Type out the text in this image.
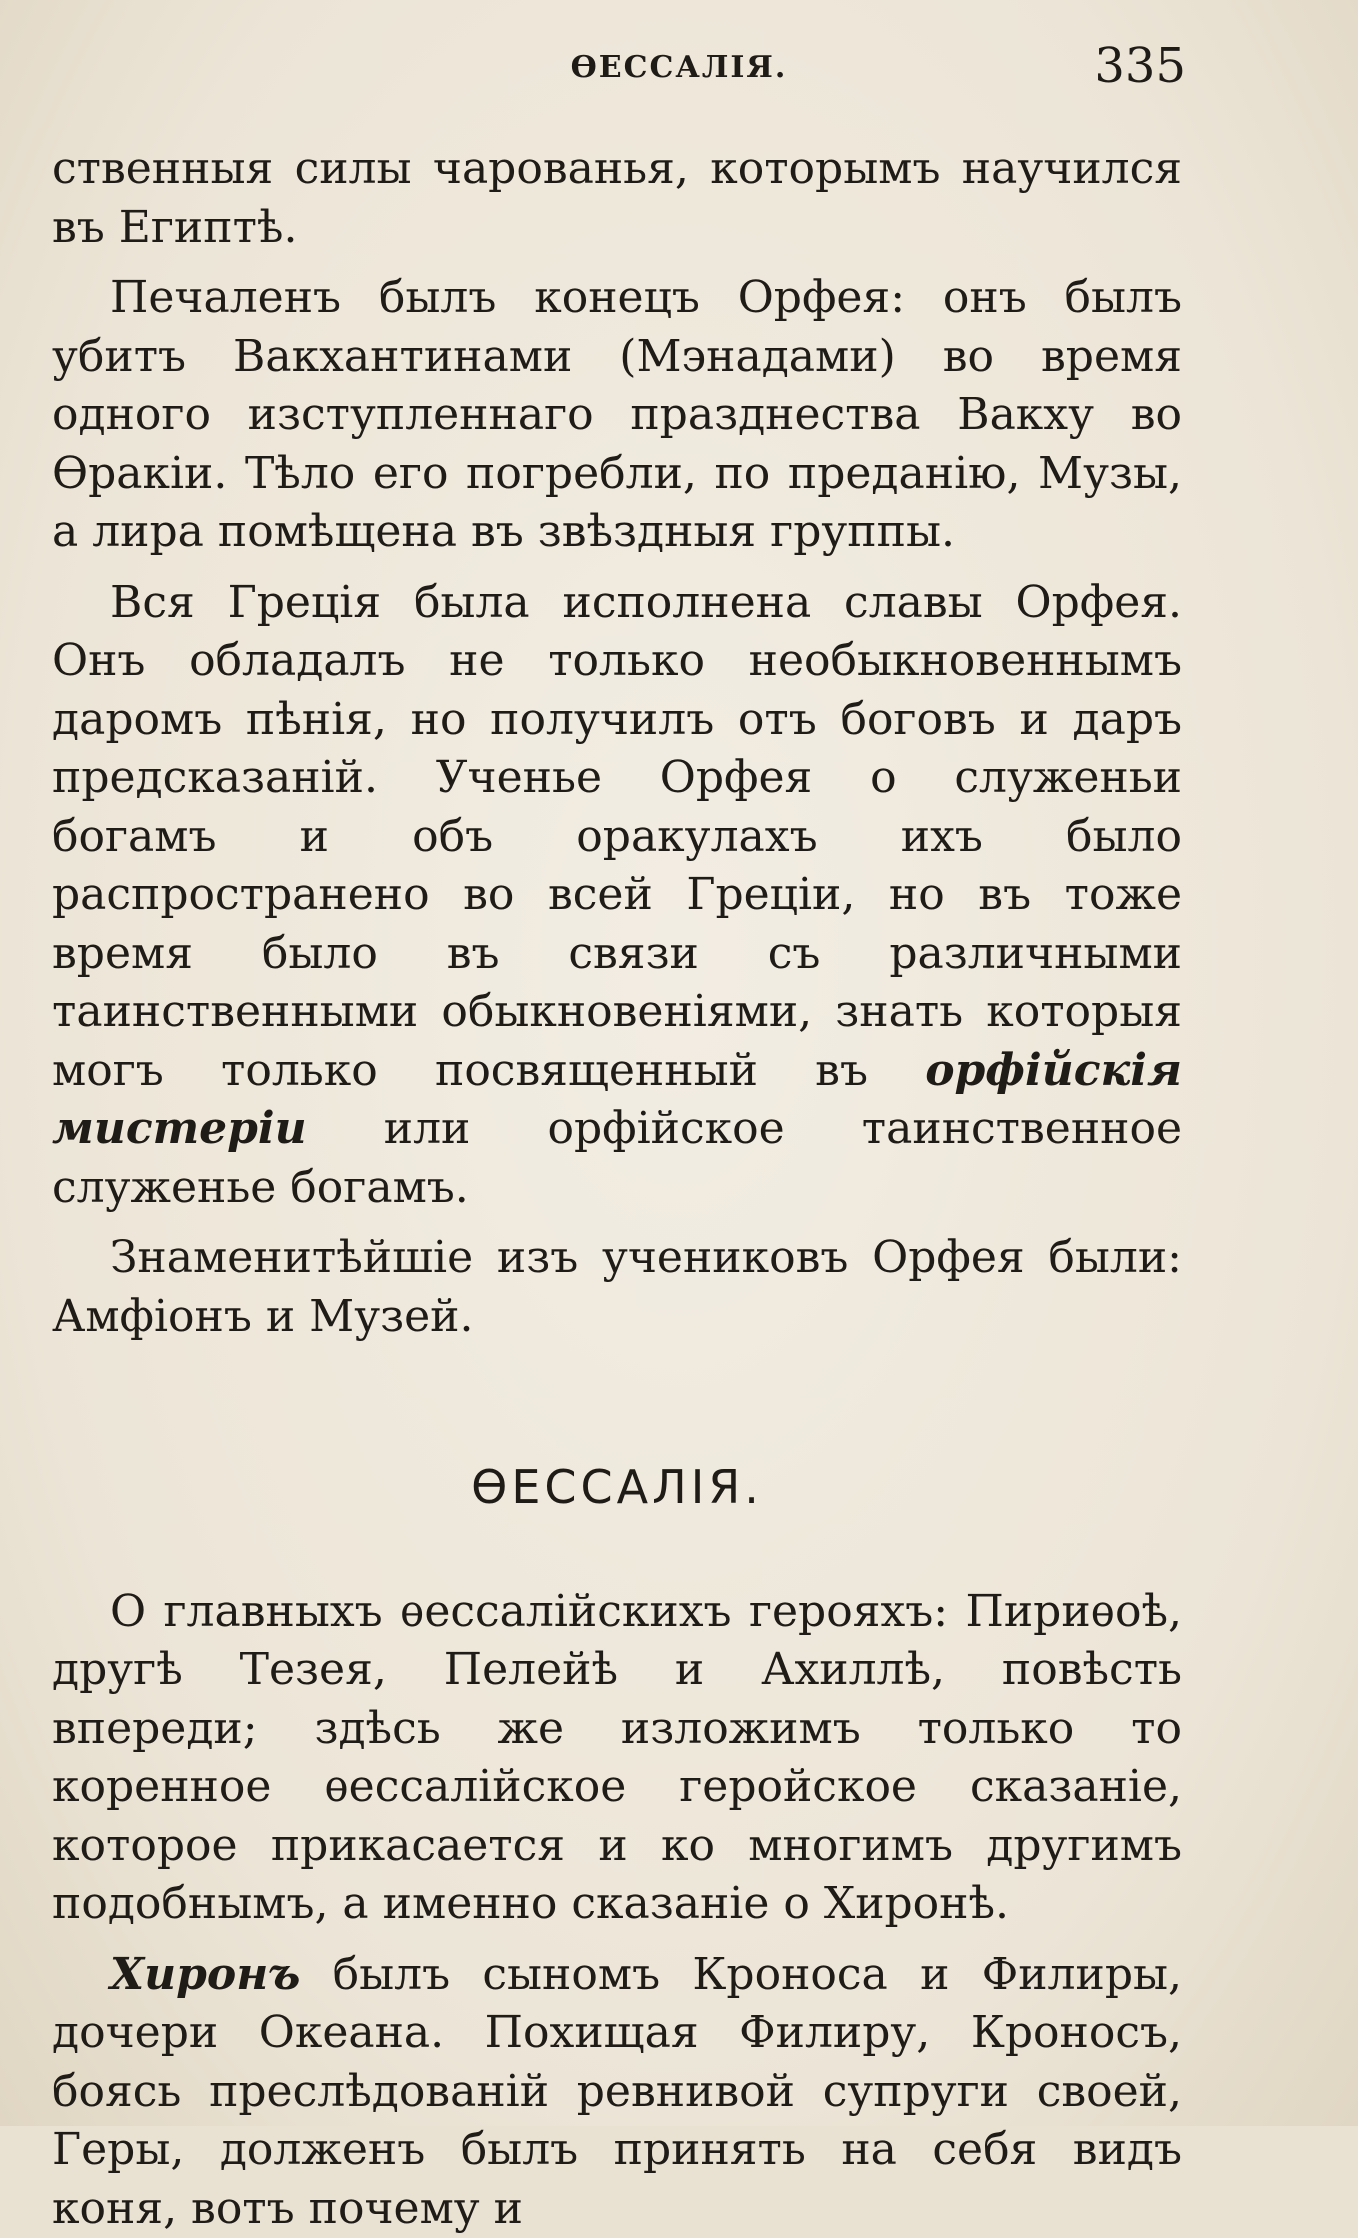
ѲЕССАЛІЯ.	335

ственныя силы чарованья, которымъ научился въ Египтѣ.

Печаленъ былъ конецъ Орфея: онъ былъ убитъ Вакхантинами (Мэнадами) во время одного изступленнаго празднества Вакху во Ѳракіи. Тѣло его погребли, по преданію, Музы, а лира помѣщена въ звѣздныя группы.

Вся Грецiя была исполнена славы Орфея. Онъ обладалъ не только необыкновеннымъ даромъ пѣнія, но получилъ отъ боговъ и даръ предсказаній. Ученье Орфея о служеньи богамъ и объ оракулахъ ихъ было распространено во всей Греціи, но въ тоже время было въ связи съ различными таинственными обыкновеніями, знать которыя могъ только посвященный въ орфійскія мистеріи или орфійское таинственное служенье богамъ.

Знаменитѣйшіе изъ учениковъ Орфея были: Амфіонъ и Музей.

ѲЕССАЛІЯ.

О главныхъ ѳессалійскихъ герояхъ: Пириѳоѣ, другѣ Тезея, Пелейѣ и Ахиллѣ, повѣсть впереди; здѣсь же изложимъ только то коренное ѳессалійское геройское сказаніе, которое прикасается и ко многимъ другимъ подобнымъ, а именно сказаніе о Хиронѣ.

Хиронъ былъ сыномъ Кроноса и Филиры, дочери Океана. Похищая Филиру, Кроносъ, боясь преслѣдованій ревнивой супруги своей, Геры, долженъ былъ принять на себя видъ коня, вотъ почему и
